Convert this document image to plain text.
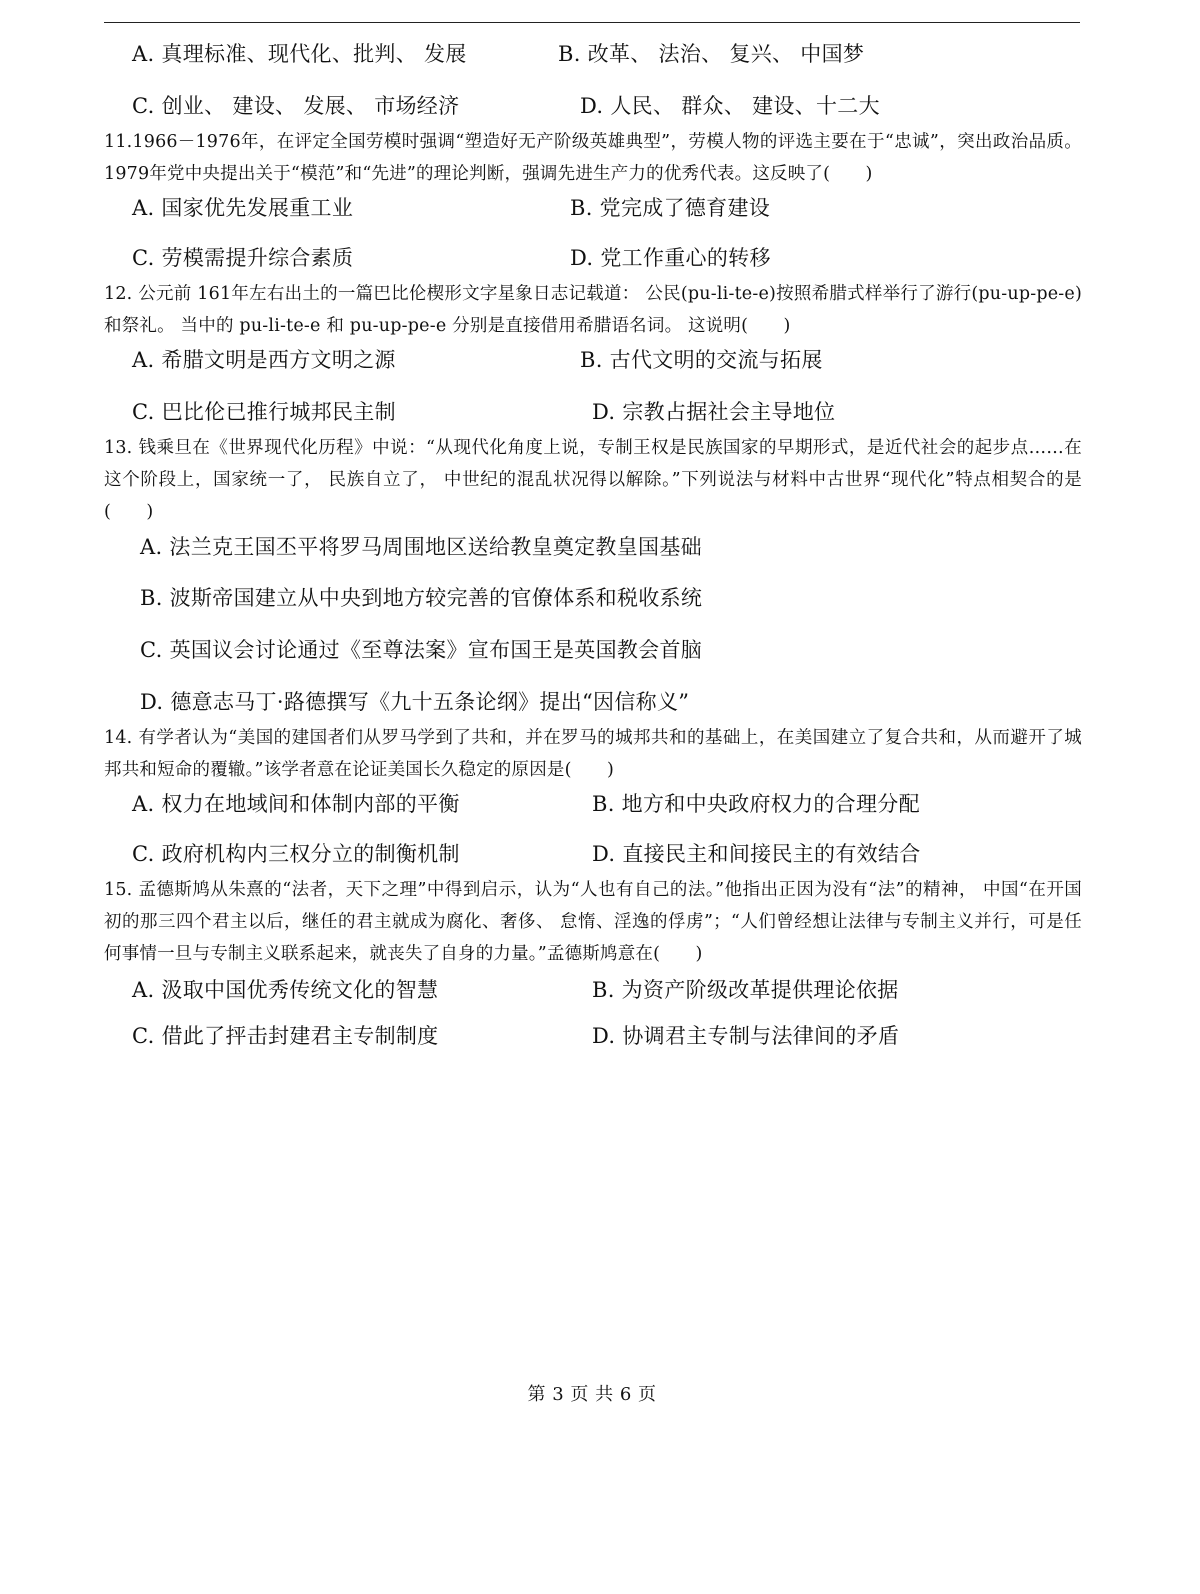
A. 真理标准、现代化、批判、 发展	B. 改革、 法治、 复兴、 中国梦
C. 创业、 建设、 发展、 市场经济	D. 人民、 群众、 建设、十二大
11.1966－1976年，在评定全国劳模时强调“塑造好无产阶级英雄典型”，劳模人物的评选主要在于“忠诚”，突出政治品质。1979年党中央提出关于“模范”和“先进”的理论判断，强调先进生产力的优秀代表。这反映了(　　)
A. 国家优先发展重工业	B. 党完成了德育建设
C. 劳模需提升综合素质	D. 党工作重心的转移
12. 公元前 161年左右出土的一篇巴比伦楔形文字星象日志记载道： 公民(pu-li-te-e)按照希腊式样举行了游行(pu-up-pe-e)和祭礼。 当中的 pu-li-te-e 和 pu-up-pe-e 分别是直接借用希腊语名词。 这说明(　　)
A. 希腊文明是西方文明之源	B. 古代文明的交流与拓展
C. 巴比伦已推行城邦民主制	D. 宗教占据社会主导地位
13. 钱乘旦在《世界现代化历程》中说：“从现代化角度上说，专制王权是民族国家的早期形式，是近代社会的起步点……在这个阶段上，国家统一了， 民族自立了， 中世纪的混乱状况得以解除。”下列说法与材料中古世界“现代化”特点相契合的是(　　)
A. 法兰克王国丕平将罗马周围地区送给教皇奠定教皇国基础
B. 波斯帝国建立从中央到地方较完善的官僚体系和税收系统
C. 英国议会讨论通过《至尊法案》宣布国王是英国教会首脑
D. 德意志马丁·路德撰写《九十五条论纲》提出“因信称义”
14. 有学者认为“美国的建国者们从罗马学到了共和，并在罗马的城邦共和的基础上，在美国建立了复合共和，从而避开了城邦共和短命的覆辙。”该学者意在论证美国长久稳定的原因是(　　)
A. 权力在地域间和体制内部的平衡	B. 地方和中央政府权力的合理分配
C. 政府机构内三权分立的制衡机制	D. 直接民主和间接民主的有效结合
15. 孟德斯鸠从朱熹的“法者，天下之理”中得到启示，认为“人也有自己的法。”他指出正因为没有“法”的精神， 中国“在开国初的那三四个君主以后，继任的君主就成为腐化、奢侈、 怠惰、淫逸的俘虏”；“人们曾经想让法律与专制主义并行，可是任何事情一旦与专制主义联系起来，就丧失了自身的力量。”孟德斯鸠意在(　　)
A. 汲取中国优秀传统文化的智慧	B. 为资产阶级改革提供理论依据
C. 借此了抨击封建君主专制制度	D. 协调君主专制与法律间的矛盾
第 3 页 共 6 页
